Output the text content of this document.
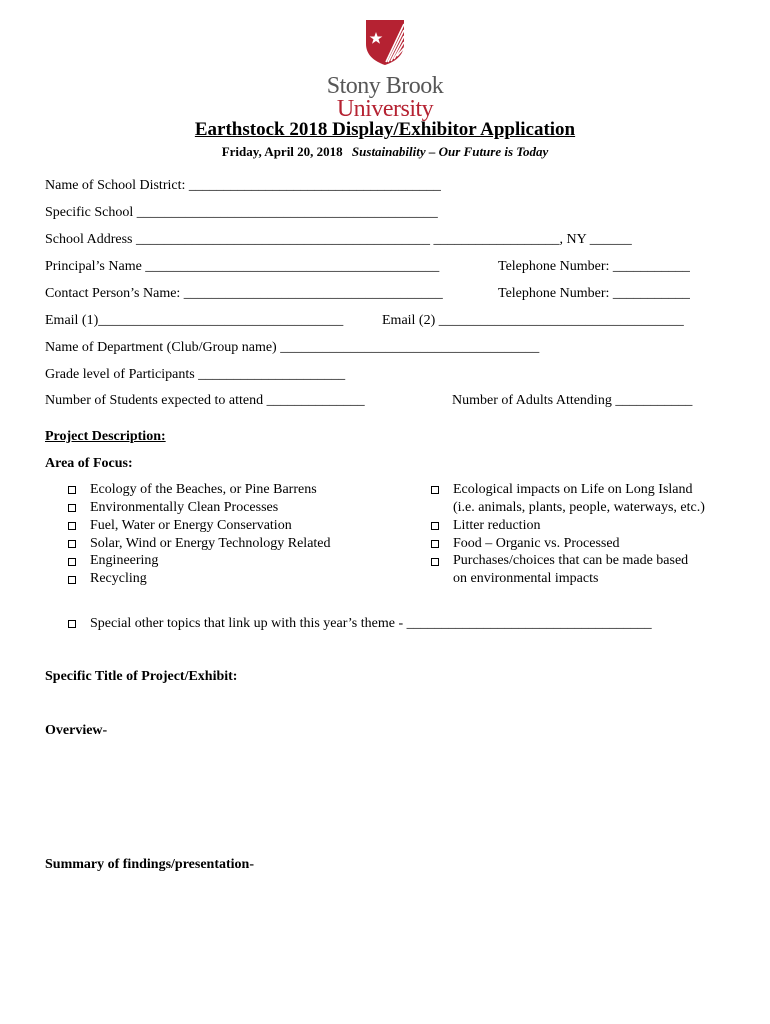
Stony Brook
University
Earthstock 2018 Display/Exhibitor Application
Friday, April 20, 2018 Sustainability – Our Future is Today
Name of School District: ____________________________________
Specific School ___________________________________________
School Address __________________________________________ __________________, NY ______
Principal’s Name __________________________________________	Telephone Number: ___________
Contact Person’s Name: _____________________________________	Telephone Number: ___________
Email (1)___________________________________	Email (2) ___________________________________
Name of Department (Club/Group name) _____________________________________
Grade level of Participants _____________________
Number of Students expected to attend ______________	Number of Adults Attending ___________
Project Description:
Area of Focus:
Ecology of the Beaches, or Pine Barrens
Environmentally Clean Processes
Fuel, Water or Energy Conservation
Solar, Wind or Energy Technology Related
Engineering
Recycling
Ecological impacts on Life on Long Island
(i.e. animals, plants, people, waterways, etc.)
Litter reduction
Food – Organic vs. Processed
Purchases/choices that can be made based
on environmental impacts
Special other topics that link up with this year’s theme - ___________________________________
Specific Title of Project/Exhibit:
Overview-
Summary of findings/presentation-
